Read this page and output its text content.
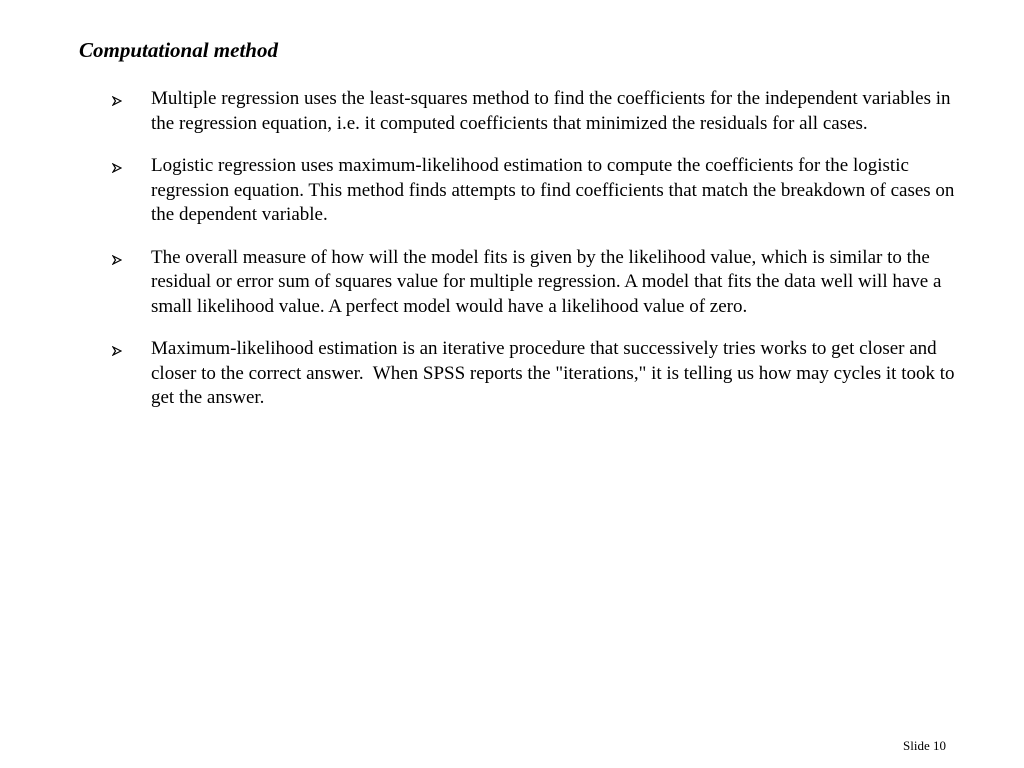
Computational method
Multiple regression uses the least-squares method to find the coefficients for the independent variables in the regression equation, i.e. it computed coefficients that minimized the residuals for all cases.
Logistic regression uses maximum-likelihood estimation to compute the coefficients for the logistic regression equation. This method finds attempts to find coefficients that match the breakdown of cases on the dependent variable.
The overall measure of how will the model fits is given by the likelihood value, which is similar to the residual or error sum of squares value for multiple regression. A model that fits the data well will have a small likelihood value. A perfect model would have a likelihood value of zero.
Maximum-likelihood estimation is an iterative procedure that successively tries works to get closer and closer to the correct answer.  When SPSS reports the "iterations," it is telling us how may cycles it took to get the answer.
Slide 10
